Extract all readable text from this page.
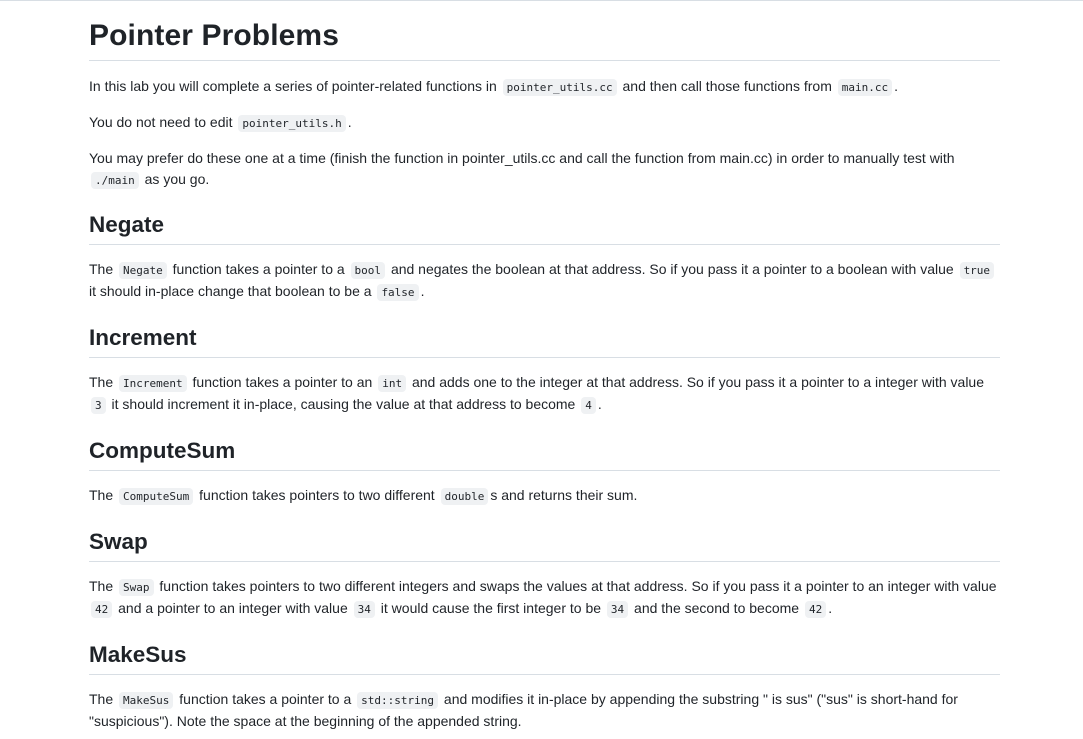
Pointer Problems

In this lab you will complete a series of pointer-related functions in pointer_utils.cc and then call those functions from main.cc .

You do not need to edit pointer_utils.h .

You may prefer do these one at a time (finish the function in pointer_utils.cc and call the function from main.cc) in order to manually test with ./main as you go.

Negate

The Negate function takes a pointer to a bool and negates the boolean at that address. So if you pass it a pointer to a boolean with value true it should in-place change that boolean to be a false .

Increment

The Increment function takes a pointer to an int and adds one to the integer at that address. So if you pass it a pointer to a integer with value 3 it should increment it in-place, causing the value at that address to become 4 .

ComputeSum

The ComputeSum function takes pointers to two different double s and returns their sum.

Swap

The Swap function takes pointers to two different integers and swaps the values at that address. So if you pass it a pointer to an integer with value 42 and a pointer to an integer with value 34 it would cause the first integer to be 34 and the second to become 42 .

MakeSus

The MakeSus function takes a pointer to a std::string and modifies it in-place by appending the substring " is sus" ("sus" is short-hand for "suspicious"). Note the space at the beginning of the appended string.
